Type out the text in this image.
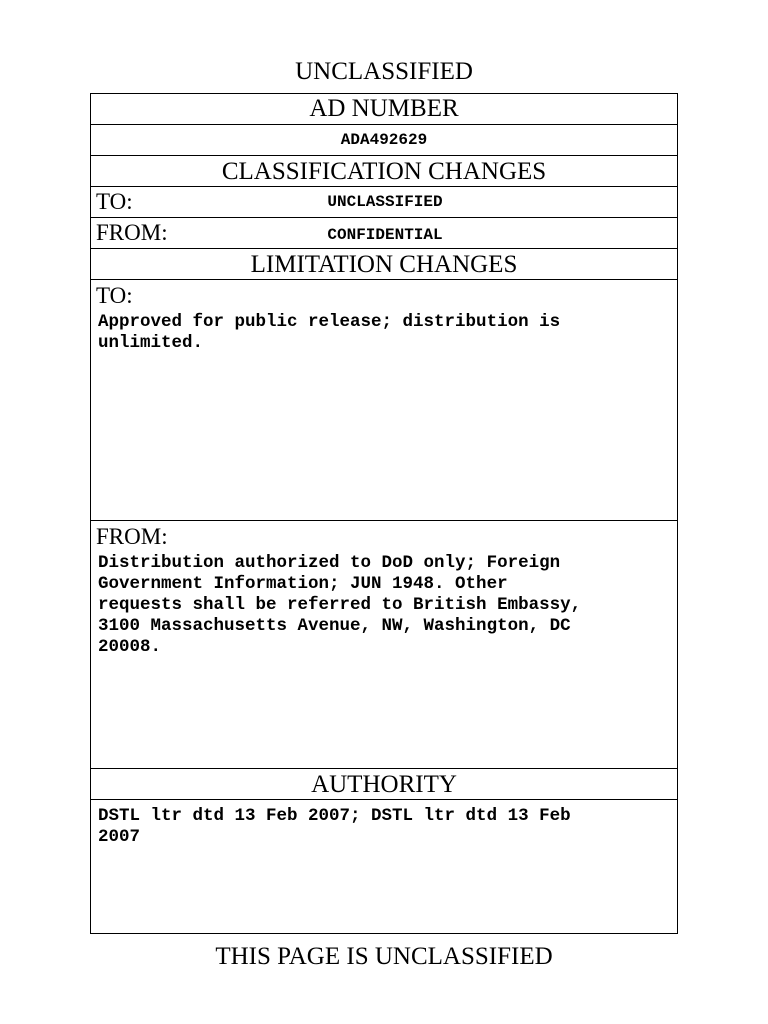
UNCLASSIFIED
AD NUMBER
ADA492629
CLASSIFICATION CHANGES
TO:	UNCLASSIFIED
FROM:	CONFIDENTIAL
LIMITATION CHANGES
TO:
Approved for public release; distribution is
unlimited.
FROM:
Distribution authorized to DoD only; Foreign
Government Information; JUN 1948. Other
requests shall be referred to British Embassy,
3100 Massachusetts Avenue, NW, Washington, DC
20008.
AUTHORITY
DSTL ltr dtd 13 Feb 2007; DSTL ltr dtd 13 Feb
2007
THIS PAGE IS UNCLASSIFIED
